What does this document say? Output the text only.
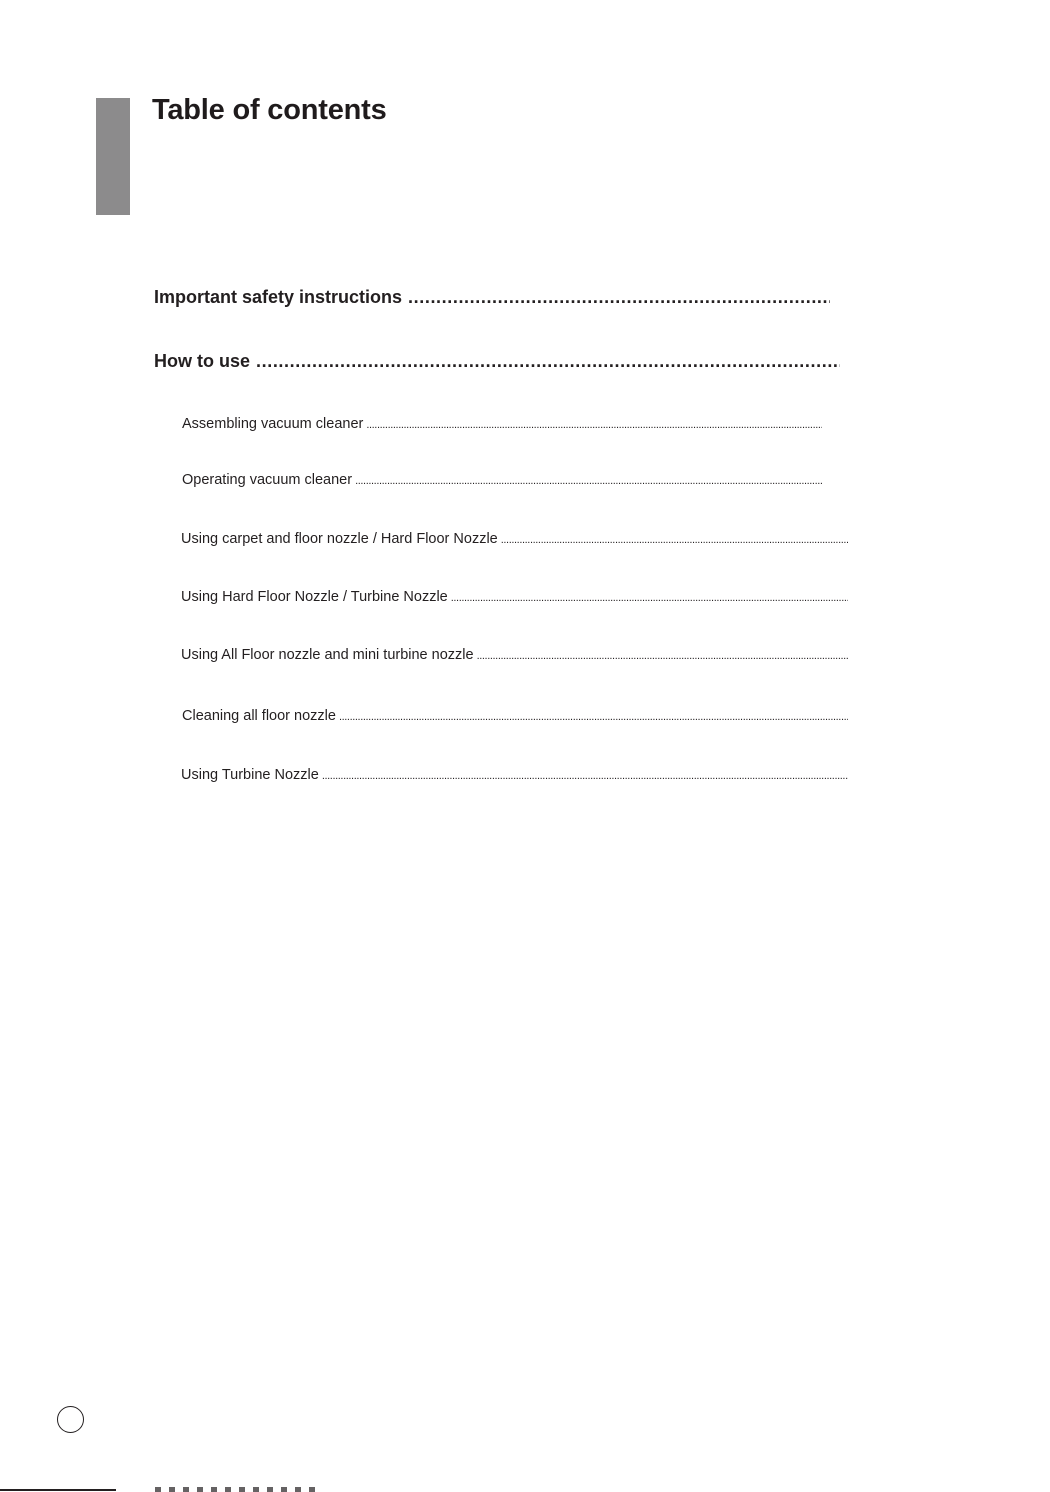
Table of contents
Important safety instructions
.....
How to use
.....
Assembling vacuum cleaner
.....
Operating vacuum cleaner
.....
Using carpet and floor nozzle / Hard Floor Nozzle
.....
Using Hard Floor Nozzle / Turbine Nozzle
.....
Using All Floor nozzle and mini turbine nozzle
.....
Cleaning all floor nozzle
.....
Using Turbine Nozzle
.....
